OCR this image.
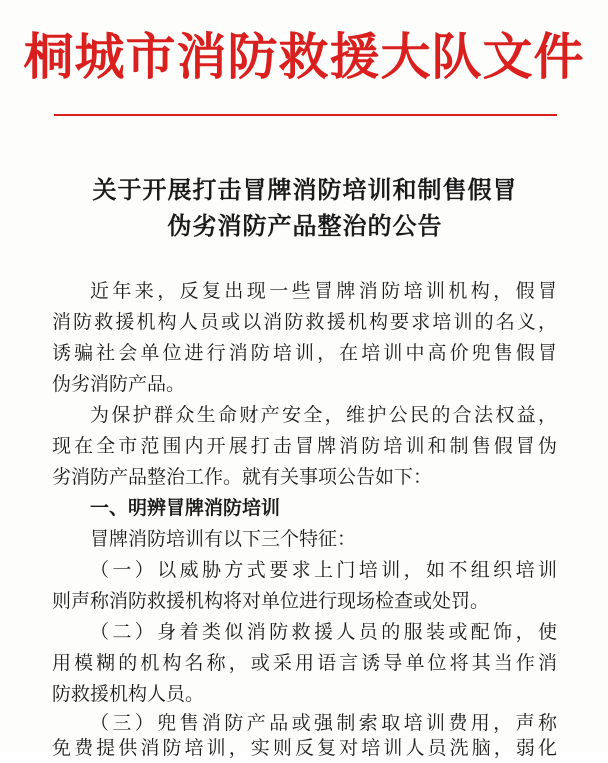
桐城市消防救援大队文件
关于开展打击冒牌消防培训和制售假冒
伪劣消防产品整治的公告
近年来，反复出现一些冒牌消防培训机构，假冒
消防救援机构人员或以消防救援机构要求培训的名义，
诱骗社会单位进行消防培训，在培训中高价兜售假冒
伪劣消防产品。
为保护群众生命财产安全，维护公民的合法权益，
现在全市范围内开展打击冒牌消防培训和制售假冒伪
劣消防产品整治工作。就有关事项公告如下：
一、明辨冒牌消防培训
冒牌消防培训有以下三个特征：
（一）以威胁方式要求上门培训，如不组织培训
则声称消防救援机构将对单位进行现场检查或处罚。
（二）身着类似消防救援人员的服装或配饰，使
用模糊的机构名称，或采用语言诱导单位将其当作消
防救援机构人员。
（三）兜售消防产品或强制索取培训费用，声称
免费提供消防培训，实则反复对培训人员洗脑，弱化
